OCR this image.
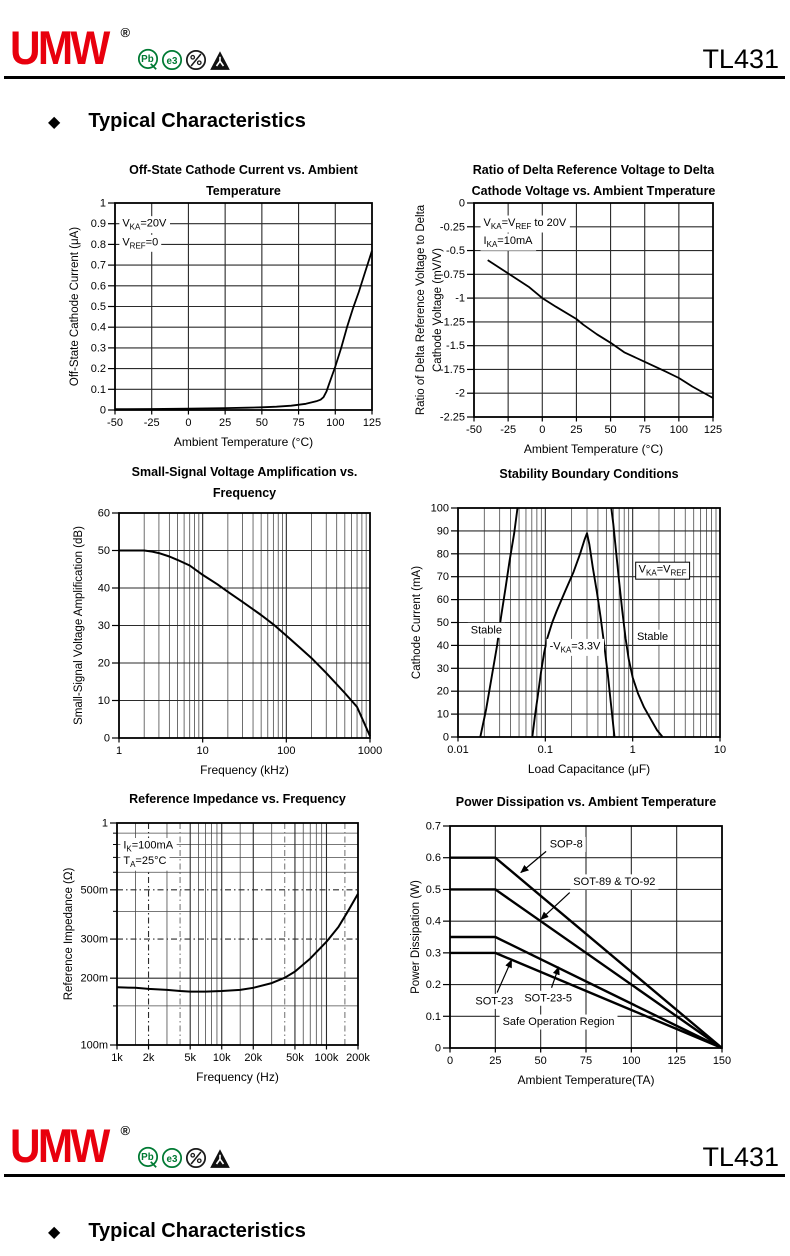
UMW ®
Pb e3	TL431
◆ Typical Characteristics
-50 -25 0	25 50 75 100 125
0
0.1
0.2
0.3
0.4
0.5
0.6
0.7
0.8
0.9
1
$V_{KA}=20V$
$V_{REF}=0$
Off-State Cathode Current vs. Ambient
Temperature
Ambient Temperature (°C)
Off-State Cathode Current (μA)
-50 -25 0 25 50 75 100 125
0
-0.25
-0.5
-0.75
-1
-1.25
-1.5
-1.75
-2
-2.25
$V_{KA}=V_{REF}$ to 20V
$I_{KA}=10mA$
Ratio of Delta Reference Voltage to Delta
Cathode Voltage vs. Ambient Tmperature
Ambient Temperature (°C)
Ratio of Delta Reference Voltage to Delta Cathode Voltage (mV/V)
1	10	100	1000
0
10
20
30
40
50
60
Small-Signal Voltage Amplification vs.
Frequency
Frequency (kHz)
Small-Signal Voltage Amplification (dB)
0.01	0.1	1	10
0
10
20
30
40
50
60
70
80
90
100
Stable
$-V_{KA}=3.3V$
Stable
$V_{KA}=V_{REF}$
Stability Boundary Conditions
Load Capacitance (μF)
Cathode Current (mA)
1k 2k	5k 10k 20k 50k 100k 200k
1
500m
300m
200m
100m
$I_K=100mA$
$T_A=25^\circ C$
Reference Impedance vs. Frequency
Frequency (Hz)
Reference Impedance (Ω)
0	25	50	75	100 125 150
0
0.1
0.2
0.3
0.4
0.5
0.6
0.7
SOP-8
SOT-89 & TO-92
SOT-23 SOT-23-5
Safe Operation Region
Power Dissipation vs. Ambient Temperature
Ambient Temperature(TA)
Power Dissipation (W)
UMW ®
Pb e3	TL431
◆ Typical Characteristics
